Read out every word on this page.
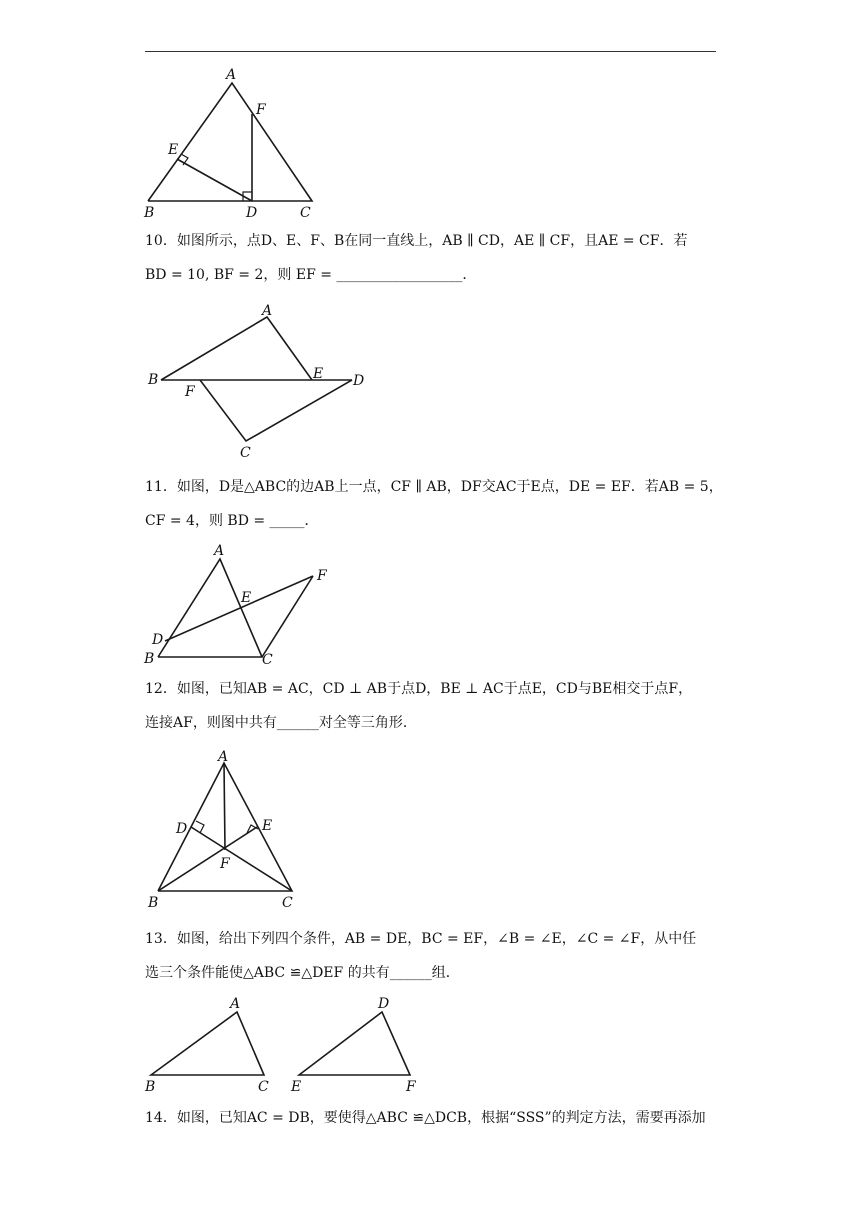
A
F
E
B	D	C
10．如图所示，点D、E、F、B在同一直线上，AB ∥ CD，AE ∥ CF，且AE = CF．若
BD = 10, BF = 2，则 EF = __________________．
A
B	E D
F
C
11．如图，D是△ABC的边AB上一点，CF ∥ AB，DF交AC于E点，DE = EF．若AB = 5，
CF = 4，则 BD = _____．
A
F
E
D
B	C
12．如图，已知AB = AC，CD ⊥ AB于点D，BE ⊥ AC于点E，CD与BE相交于点F，
连接AF，则图中共有______对全等三角形．
A
D	E
F
B	C
13．如图，给出下列四个条件，AB = DE，BC = EF，∠B = ∠E，∠C = ∠F，从中任
选三个条件能使△ABC ≌△DEF 的共有______组．
A
B	C
D
E	F
14．如图，已知AC = DB，要使得△ABC ≌△DCB，根据“SSS”的判定方法，需要再添加
